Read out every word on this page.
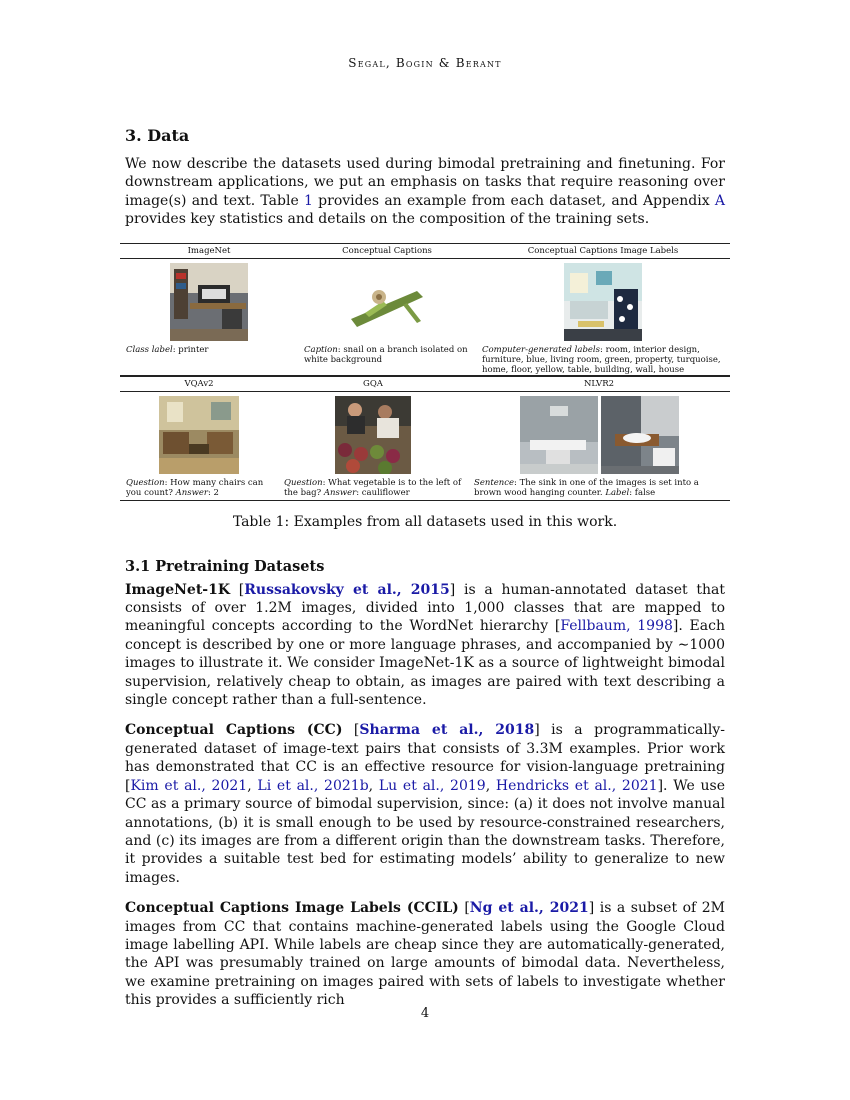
Segal, Bogin & Berant
3. Data

We now describe the datasets used during bimodal pretraining and finetuning. For downstream applications, we put an emphasis on tasks that require reasoning over image(s) and text. Table 1 provides an example from each dataset, and Appendix A provides key statistics and details on the composition of the training sets.

ImageNet
Class label: printer
Conceptual Captions
Caption: snail on a branch isolated on white background
Conceptual Captions Image Labels
Computer-generated labels: room, interior design, furniture, blue, living room, green, property, turquoise, home, floor, yellow, table, building, wall, house
VQAv2
Question: How many chairs can you count? Answer: 2
GQA
Question: What vegetable is to the left of the bag? Answer: cauliflower
NLVR2
Sentence: The sink in one of the images is set into a brown wood hanging counter. Label: false
Table 1: Examples from all datasets used in this work.
3.1 Pretraining Datasets

ImageNet-1K [Russakovsky et al., 2015] is a human-annotated dataset that consists of over 1.2M images, divided into 1,000 classes that are mapped to meaningful concepts according to the WordNet hierarchy [Fellbaum, 1998]. Each concept is described by one or more language phrases, and accompanied by ∼1000 images to illustrate it. We consider ImageNet-1K as a source of lightweight bimodal supervision, relatively cheap to obtain, as images are paired with text describing a single concept rather than a full-sentence.

Conceptual Captions (CC) [Sharma et al., 2018] is a programmatically-generated dataset of image-text pairs that consists of 3.3M examples. Prior work has demonstrated that CC is an effective resource for vision-language pretraining [Kim et al., 2021, Li et al., 2021b, Lu et al., 2019, Hendricks et al., 2021]. We use CC as a primary source of bimodal supervision, since: (a) it does not involve manual annotations, (b) it is small enough to be used by resource-constrained researchers, and (c) its images are from a different origin than the downstream tasks. Therefore, it provides a suitable test bed for estimating models’ ability to generalize to new images.

Conceptual Captions Image Labels (CCIL) [Ng et al., 2021] is a subset of 2M images from CC that contains machine-generated labels using the Google Cloud image labelling API. While labels are cheap since they are automatically-generated, the API was presumably trained on large amounts of bimodal data. Nevertheless, we examine pretraining on images paired with sets of labels to investigate whether this provides a sufficiently rich

4
